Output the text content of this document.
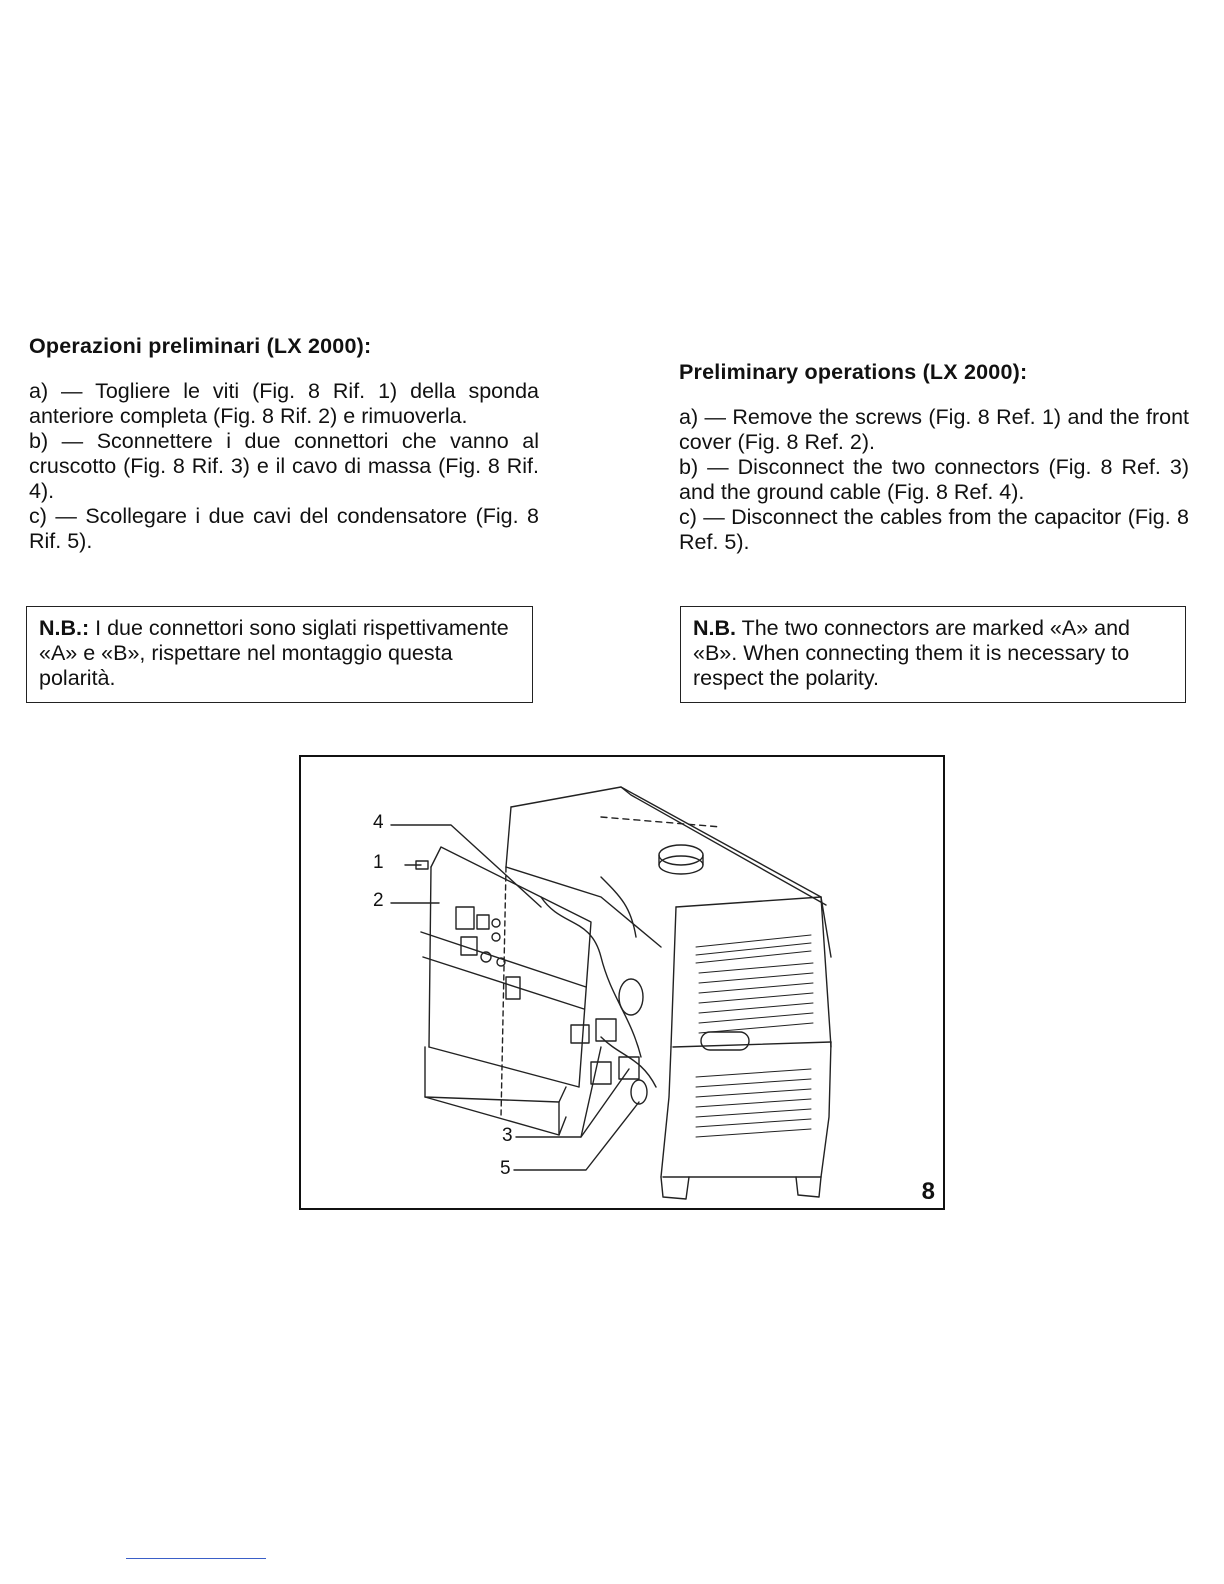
Operazioni preliminari (LX 2000):

a) — Togliere le viti (Fig. 8 Rif. 1) della sponda anteriore completa (Fig. 8 Rif. 2) e rimuoverla.

b) — Sconnettere i due connettori che vanno al cruscotto (Fig. 8 Rif. 3) e il cavo di massa (Fig. 8 Rif. 4).

c) — Scollegare i due cavi del condensatore (Fig. 8 Rif. 5).

Preliminary operations (LX 2000):

a) — Remove the screws (Fig. 8 Ref. 1) and the front cover (Fig. 8 Ref. 2).

b) — Disconnect the two connectors (Fig. 8 Ref. 3) and the ground cable (Fig. 8 Ref. 4).

c) — Disconnect the cables from the capacitor (Fig. 8 Ref. 5).

N.B.: I due connettori sono siglati rispettivamente «A» e «B», rispettare nel montaggio questa polarità.
N.B. The two connectors are marked «A» and «B». When connecting them it is necessary to respect the polarity.
4
1
2
3
5
8
